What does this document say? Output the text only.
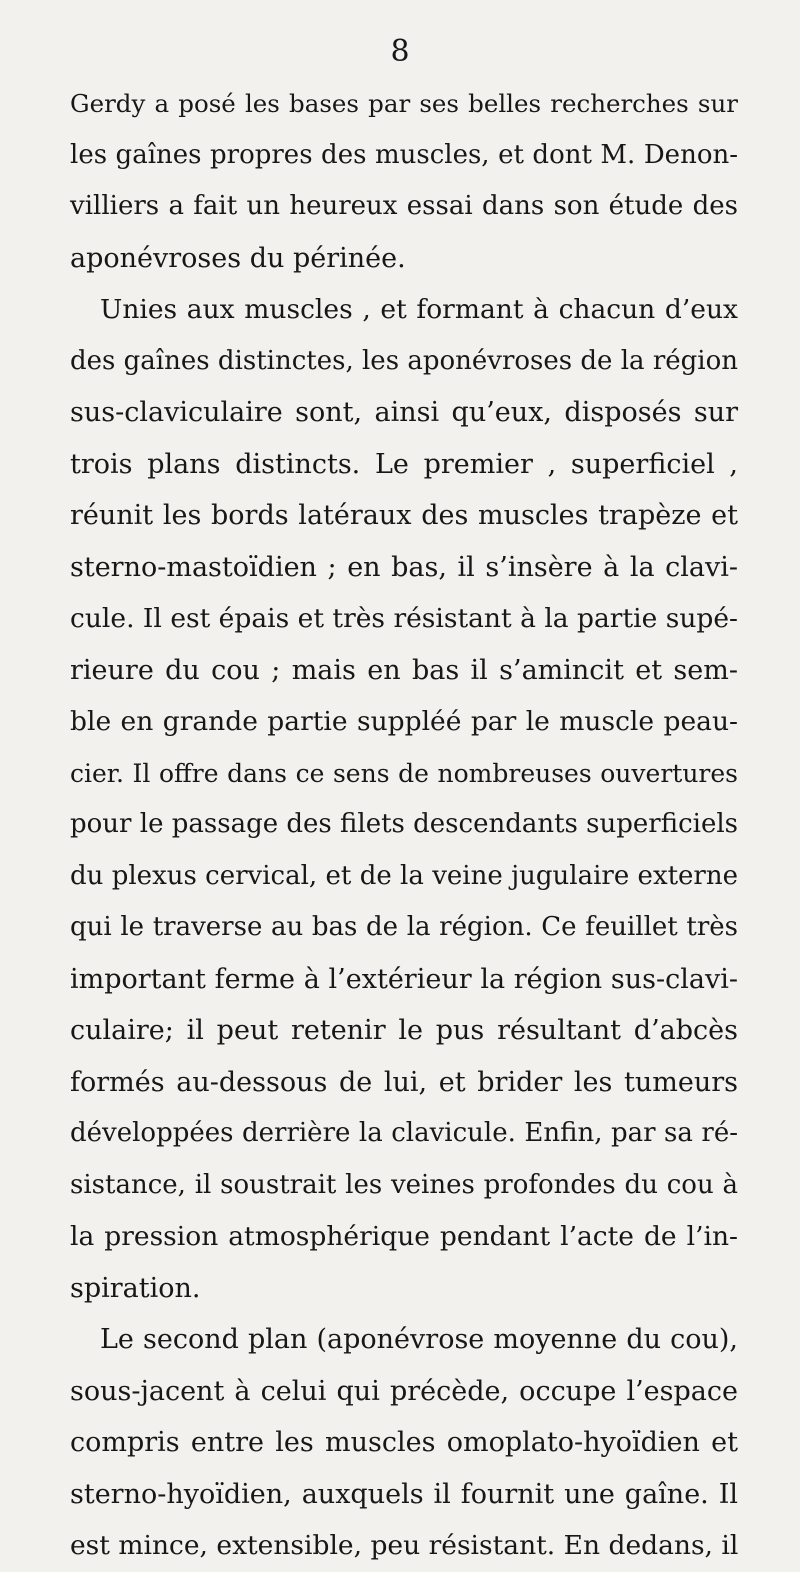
8
Gerdy a posé les bases par ses belles recherches sur
les gaînes propres des muscles, et dont M. Denon-
villiers a fait un heureux essai dans son étude des
aponévroses du périnée.
Unies aux muscles , et formant à chacun d’eux
des gaînes distinctes, les aponévroses de la région
sus-claviculaire sont, ainsi qu’eux, disposés sur
trois plans distincts. Le premier , superficiel ,
réunit les bords latéraux des muscles trapèze et
sterno-mastoïdien ; en bas, il s’insère à la clavi-
cule. Il est épais et très résistant à la partie supé-
rieure du cou ; mais en bas il s’amincit et sem-
ble en grande partie suppléé par le muscle peau-
cier. Il offre dans ce sens de nombreuses ouvertures
pour le passage des filets descendants superficiels
du plexus cervical, et de la veine jugulaire externe
qui le traverse au bas de la région. Ce feuillet très
important ferme à l’extérieur la région sus-clavi-
culaire; il peut retenir le pus résultant d’abcès
formés au-dessous de lui, et brider les tumeurs
développées derrière la clavicule. Enfin, par sa ré-
sistance, il soustrait les veines profondes du cou à
la pression atmosphérique pendant l’acte de l’in-
spiration.
Le second plan (aponévrose moyenne du cou),
sous-jacent à celui qui précède, occupe l’espace
compris entre les muscles omoplato-hyoïdien et
sterno-hyoïdien, auxquels il fournit une gaîne. Il
est mince, extensible, peu résistant. En dedans, il
